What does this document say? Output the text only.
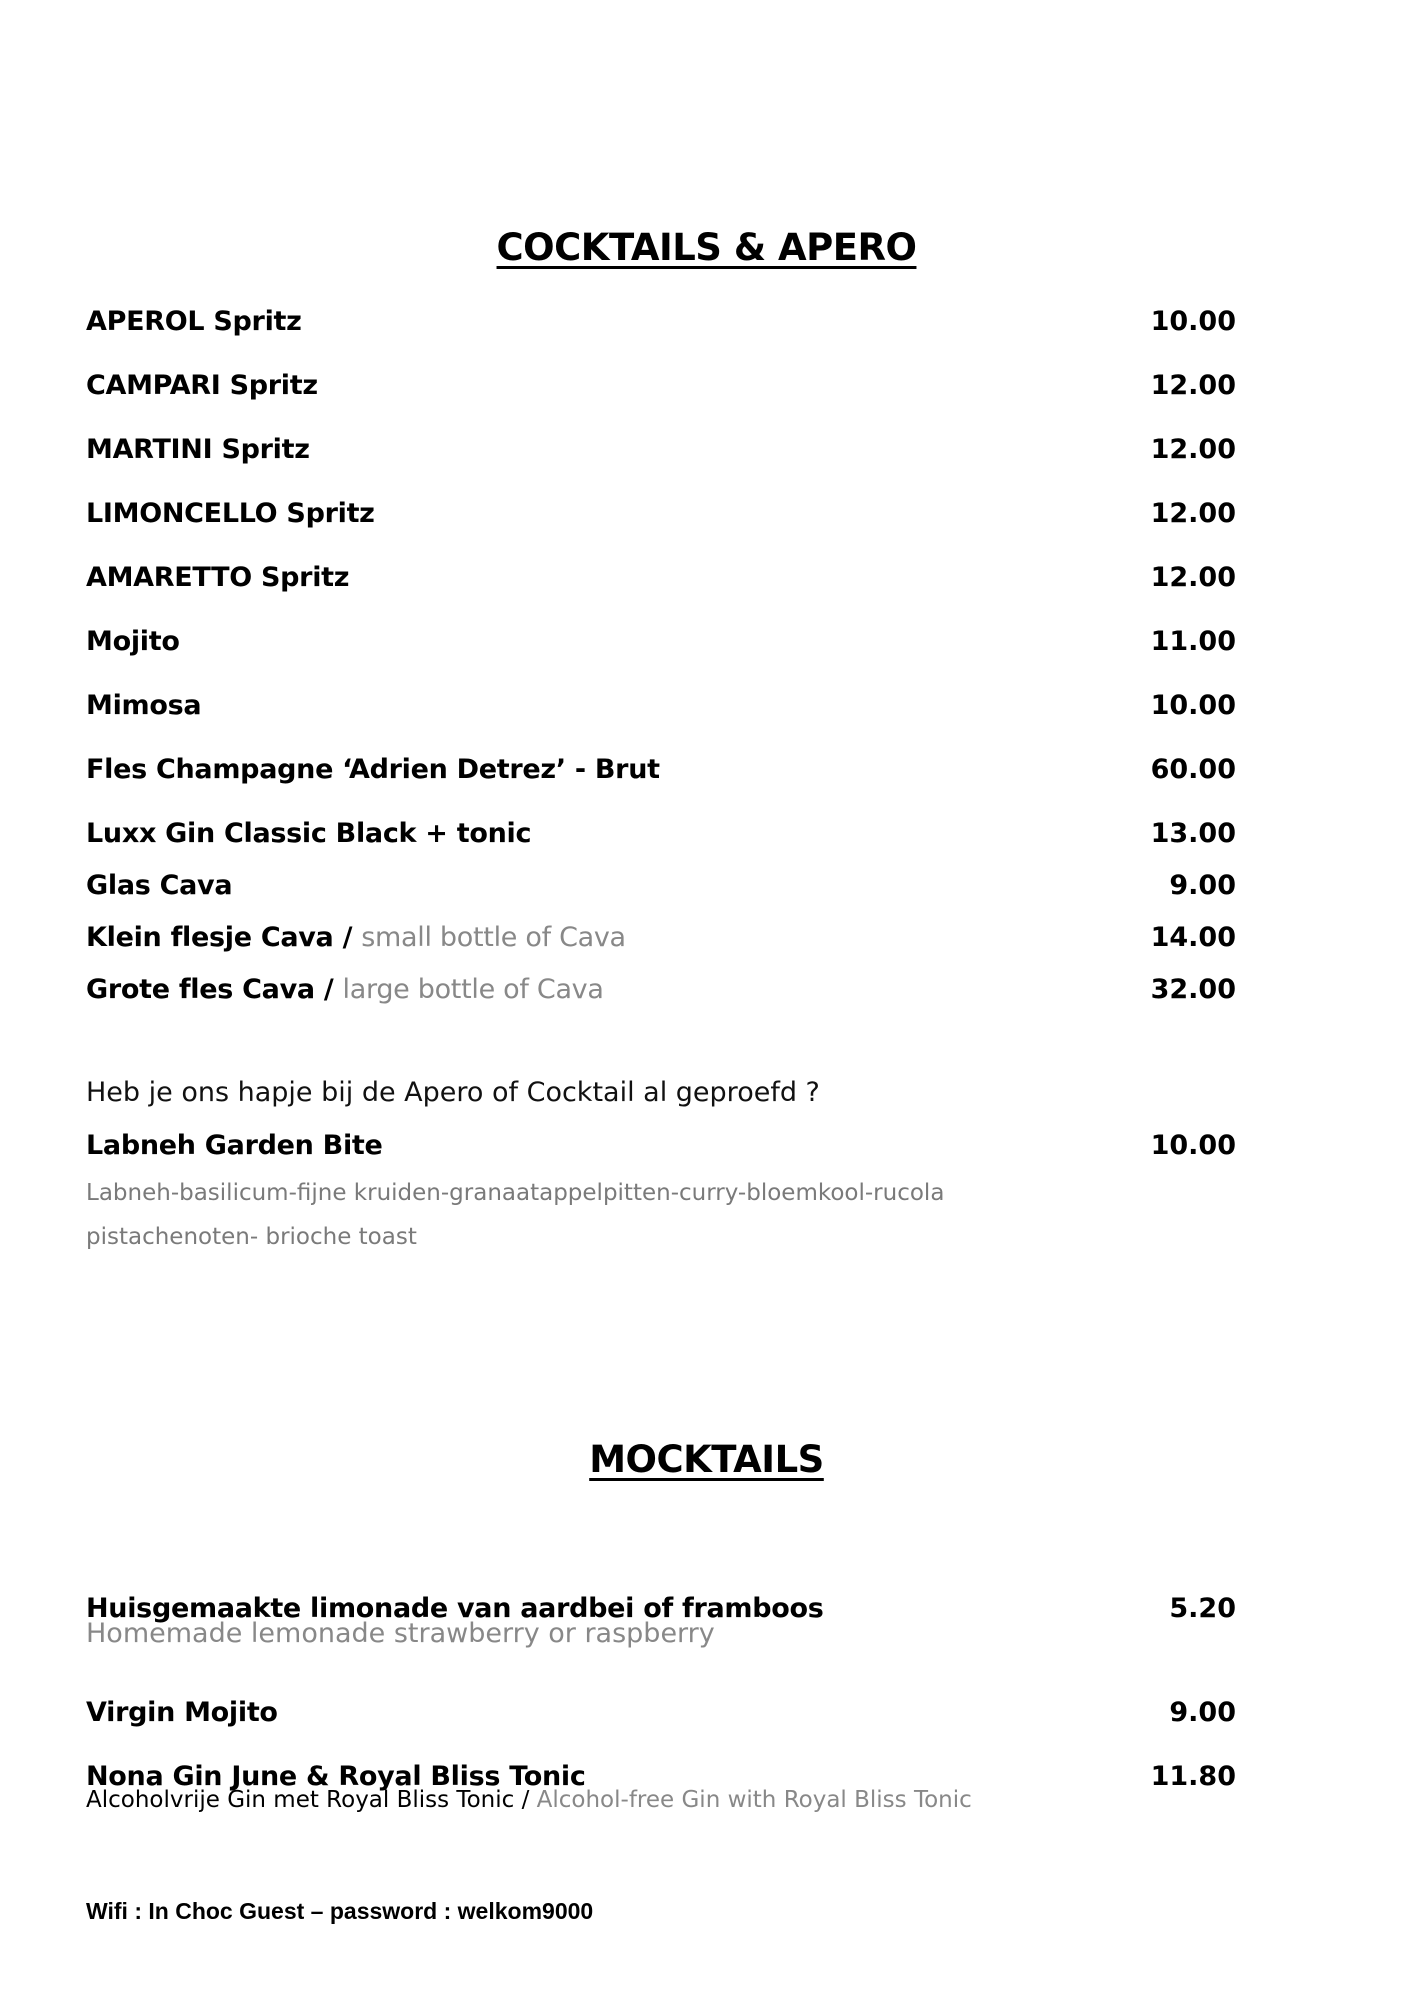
COCKTAILS & APERO
APEROL Spritz	10.00
CAMPARI Spritz	12.00
MARTINI Spritz	12.00
LIMONCELLO Spritz	12.00
AMARETTO Spritz	12.00
Mojito	11.00
Mimosa	10.00
Fles Champagne ‘Adrien Detrez’ - Brut	60.00
Luxx Gin Classic Black + tonic	13.00
Glas Cava	9.00
Klein flesje Cava / small bottle of Cava	14.00
Grote fles Cava / large bottle of Cava	32.00
Heb je ons hapje bij de Apero of Cocktail al geproefd ?
Labneh Garden Bite	10.00
Labneh-basilicum-fijne kruiden-granaatappelpitten-curry-bloemkool-rucola
pistachenoten- brioche toast
MOCKTAILS
Huisgemaakte limonade van aardbei of framboos	5.20
Homemade lemonade strawberry or raspberry
Virgin Mojito	9.00
Nona Gin June & Royal Bliss Tonic	11.80
Alcoholvrije Gin met Royal Bliss Tonic / Alcohol-free Gin with Royal Bliss Tonic
Wifi : In Choc Guest – password : welkom9000
